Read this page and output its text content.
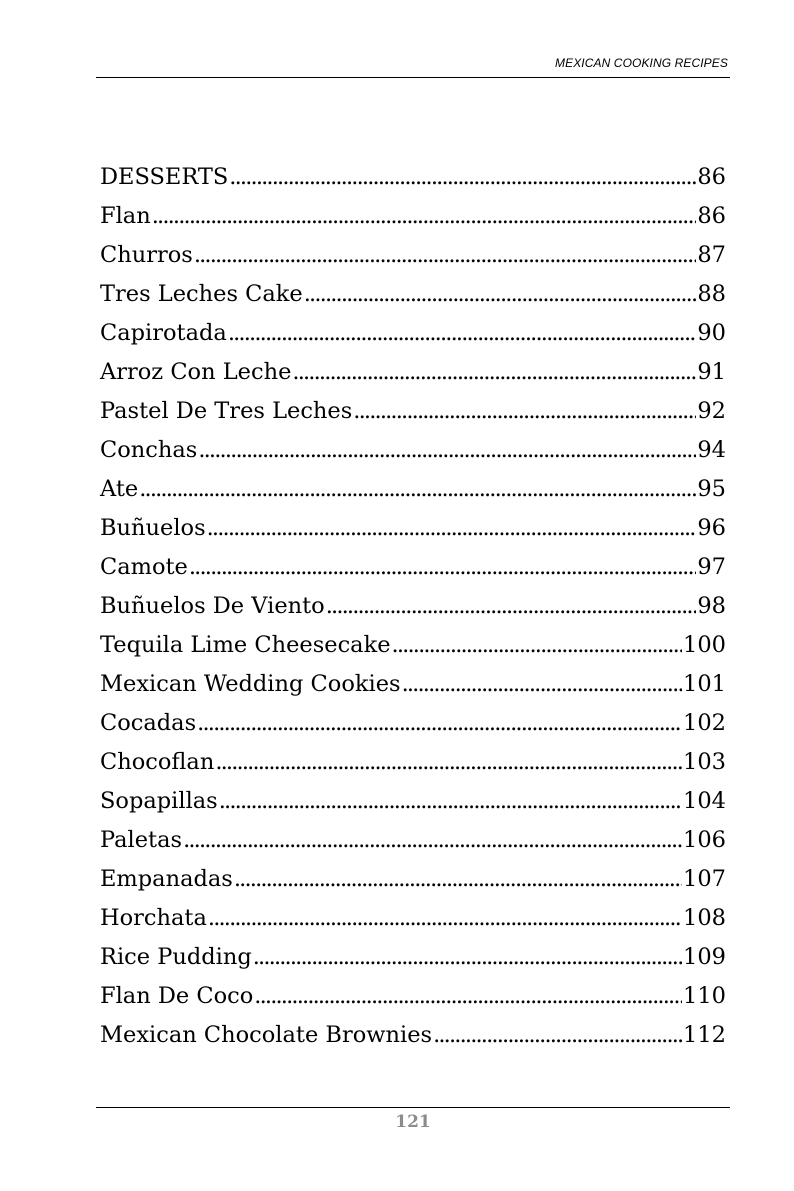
MEXICAN COOKING RECIPES
DESSERTS . . .	86
Flan . . .	86
Churros . . .	87
Tres Leches Cake . . .	88
Capirotada . . .	90
Arroz Con Leche . . .	91
Pastel De Tres Leches . . .	92
Conchas . . .	94
Ate . . .	95
Buñuelos . . .	96
Camote . . .	97
Buñuelos De Viento . . .	98
Tequila Lime Cheesecake . . .	100
Mexican Wedding Cookies . . .	101
Cocadas . . .	102
Chocoflan . . .	103
Sopapillas . . .	104
Paletas . . .	106
Empanadas . . .	107
Horchata . . .	108
Rice Pudding . . .	109
Flan De Coco . . .	110
Mexican Chocolate Brownies . . .	112
121
